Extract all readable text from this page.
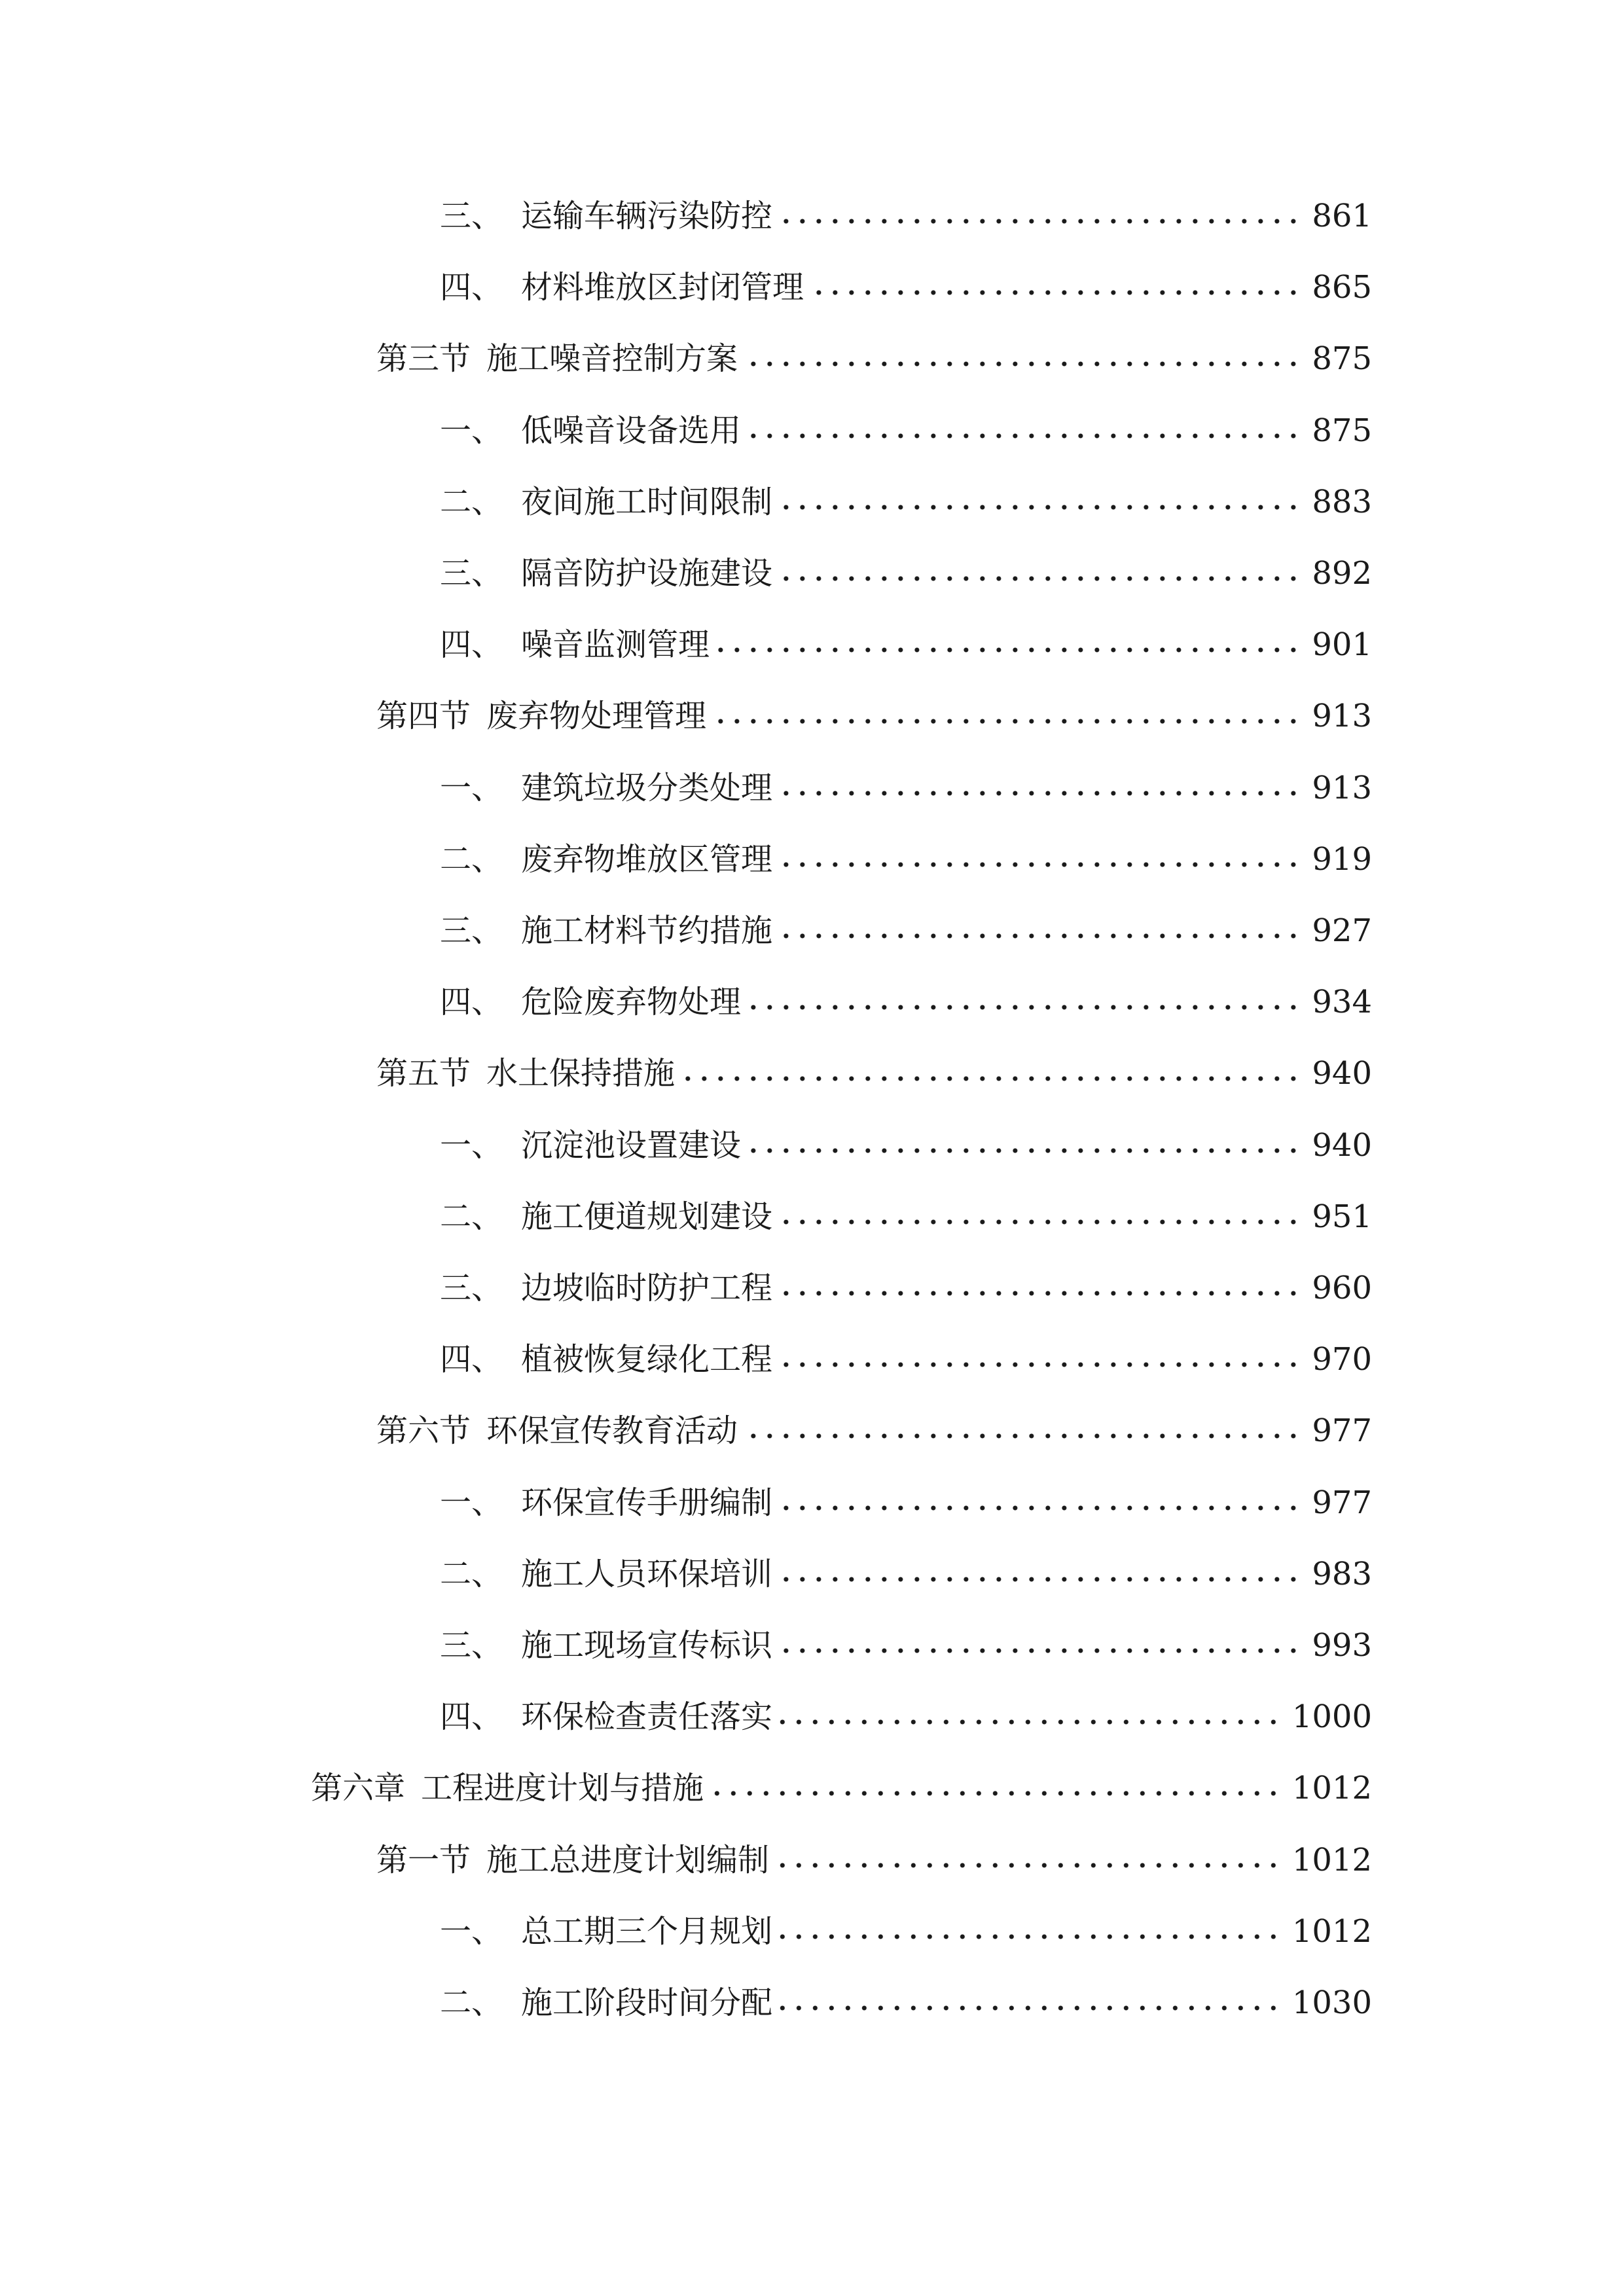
三、 运输车辆污染防控	861
四、 材料堆放区封闭管理	865
第三节 施工噪音控制方案	875
一、 低噪音设备选用	875
二、 夜间施工时间限制	883
三、 隔音防护设施建设	892
四、 噪音监测管理	901
第四节 废弃物处理管理	913
一、 建筑垃圾分类处理	913
二、 废弃物堆放区管理	919
三、 施工材料节约措施	927
四、 危险废弃物处理	934
第五节 水土保持措施	940
一、 沉淀池设置建设	940
二、 施工便道规划建设	951
三、 边坡临时防护工程	960
四、 植被恢复绿化工程	970
第六节 环保宣传教育活动	977
一、 环保宣传手册编制	977
二、 施工人员环保培训	983
三、 施工现场宣传标识	993
四、 环保检查责任落实	1000
第六章 工程进度计划与措施	1012
第一节 施工总进度计划编制	1012
一、 总工期三个月规划	1012
二、 施工阶段时间分配	1030
